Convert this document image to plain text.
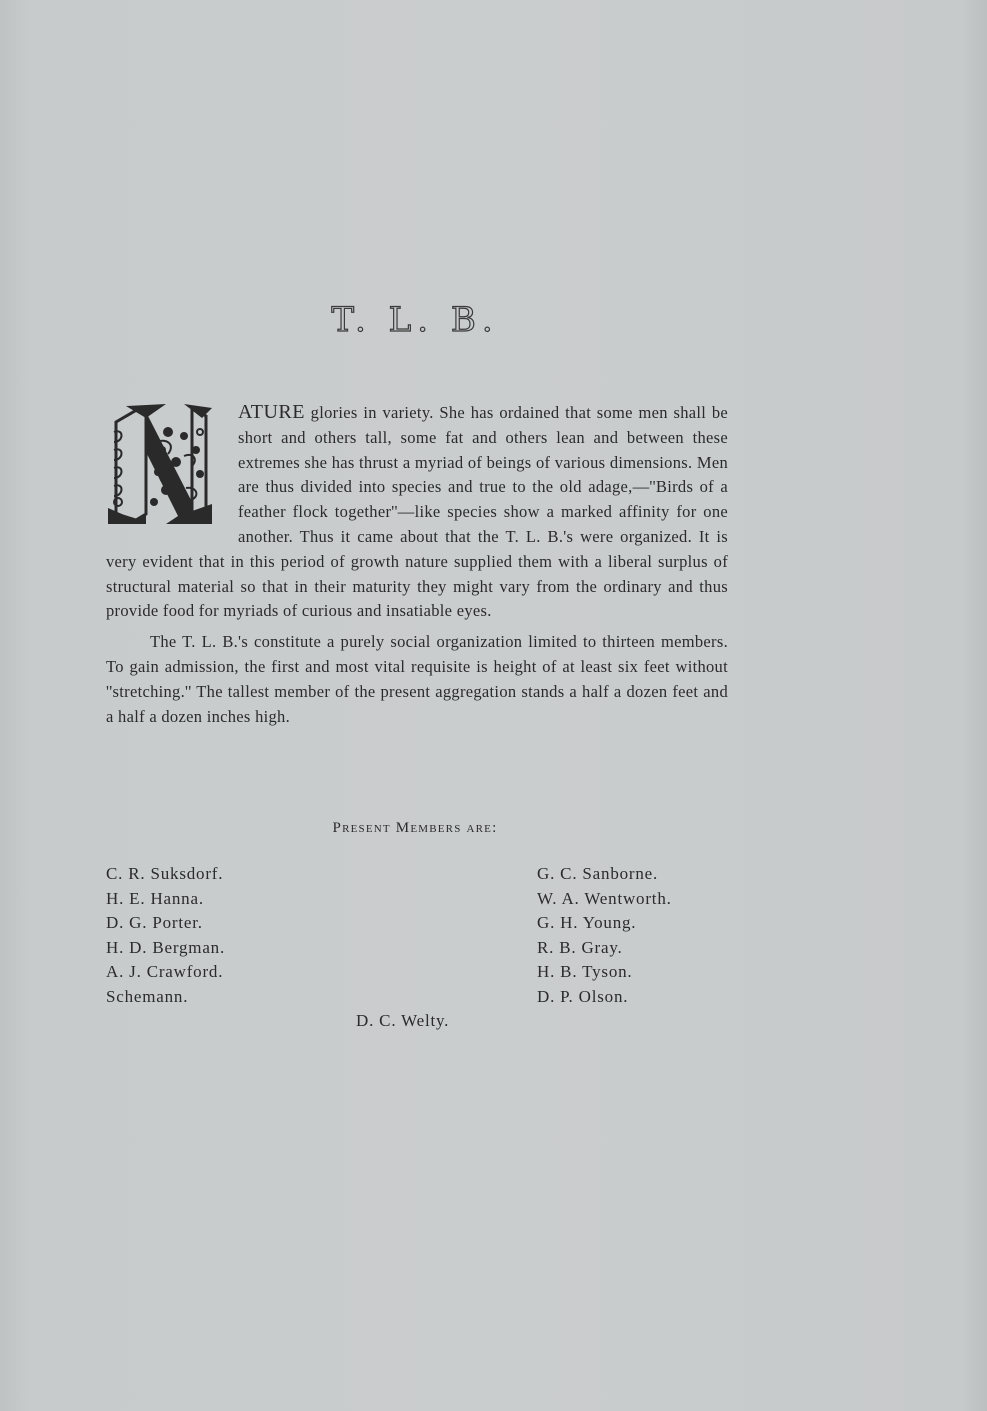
T. L. B.

ATURE glories in variety. She has ordained that some men shall be short and others tall, some fat and others lean and between these extremes she has thrust a myriad of beings of various dimensions. Men are thus divided into species and true to the old adage,—''Birds of a feather flock together''—like species show a marked affinity for one another. Thus it came about that the T. L. B.'s were organized. It is very evident that in this period of growth nature supplied them with a liberal surplus of structural material so that in their maturity they might vary from the ordinary and thus provide food for myriads of curious and insatiable eyes.

The T. L. B.'s constitute a purely social organization limited to thirteen members. To gain admission, the first and most vital requisite is height of at least six feet without ''stretching.'' The tallest member of the present aggregation stands a half a dozen feet and a half a dozen inches high.

Present Members are:
C. R. Suksdorf.
H. E. Hanna.
D. G. Porter.
H. D. Bergman.
A. J. Crawford.
Schemann.
G. C. Sanborne.
W. A. Wentworth.
G. H. Young.
R. B. Gray.
H. B. Tyson.
D. P. Olson.
D. C. Welty.
